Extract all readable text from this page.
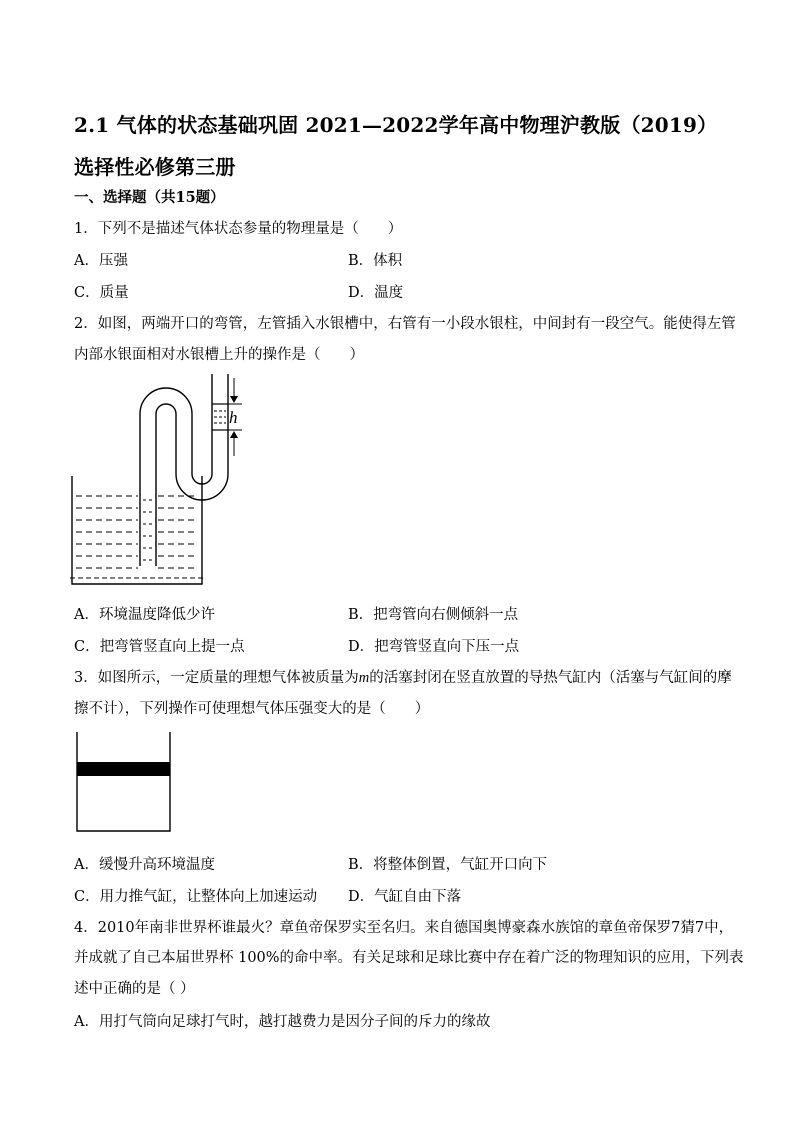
2.1 气体的状态基础巩固 2021—2022学年高中物理沪教版（2019）选择性必修第三册
一、选择题（共15题）
1．下列不是描述气体状态参量的物理量是（　　）
A．压强	B．体积
C．质量	D．温度
2．如图，两端开口的弯管，左管插入水银槽中，右管有一小段水银柱，中间封有一段空气。能使得左管
内部水银面相对水银槽上升的操作是（　　）
h
A．环境温度降低少许	B．把弯管向右侧倾斜一点
C．把弯管竖直向上提一点	D．把弯管竖直向下压一点
3．如图所示，一定质量的理想气体被质量为m的活塞封闭在竖直放置的导热气缸内（活塞与气缸间的摩
擦不计），下列操作可使理想气体压强变大的是（　　）
A．缓慢升高环境温度	B．将整体倒置，气缸开口向下
C．用力推气缸，让整体向上加速运动 D．气缸自由下落
4．2010年南非世界杯谁最火？章鱼帝保罗实至名归。来自德国奥博豪森水族馆的章鱼帝保罗7猜7中，
并成就了自己本届世界杯 100%的命中率。有关足球和足球比赛中存在着广泛的物理知识的应用，下列表
述中正确的是（ ）
A．用打气筒向足球打气时，越打越费力是因分子间的斥力的缘故
